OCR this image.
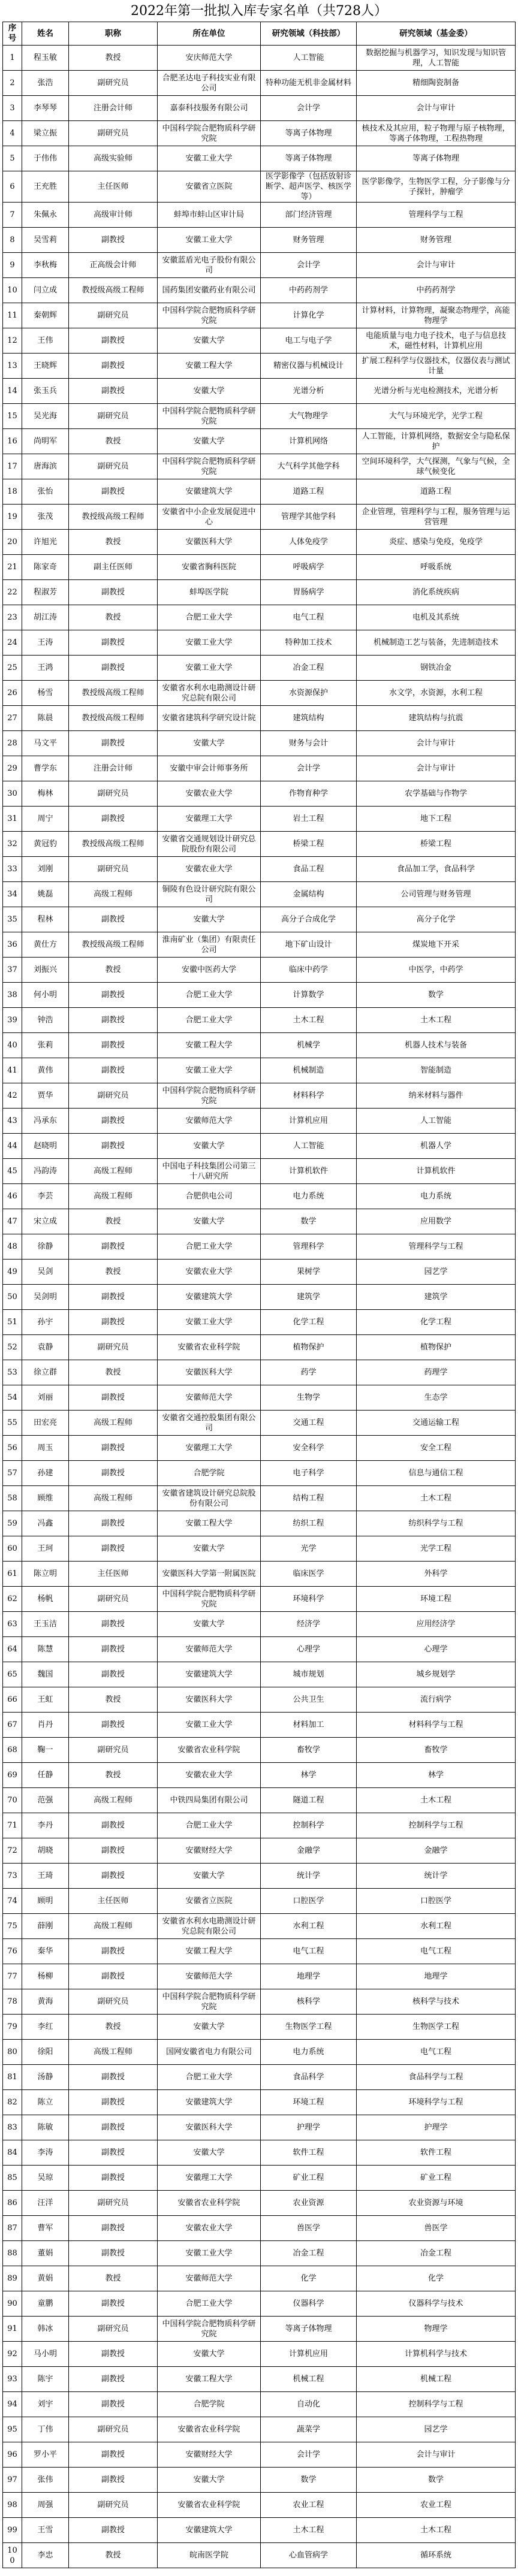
2022年第一批拟入库专家名单（共728人）
序号	姓名	职称	所在单位	研究领域（科技部）	研究领域（基金委）
1	程玉敏	教授	安庆师范大学	人工智能	数据挖掘与机器学习，知识发现与知识管理，人工智能
2	张浩	副研究员	合肥圣达电子科技实业有限公司	特种功能无机非金属材料	精细陶瓷制备
3	李琴琴	注册会计师	嘉泰科技服务有限公司	会计学	会计与审计
4	梁立振	副研究员	中国科学院合肥物质科学研究院	等离子体物理	核技术及其应用，粒子物理与原子核物理，等离子体物理，工程热物理
5	于伟伟	高级实验师	安徽工业大学	等离子体物理	等离子体物理
6	王充胜	主任医师	安徽省立医院	医学影像学（包括放射诊断学、超声医学、核医学等）	医学影像学，生物医学工程，分子影像与分子探针，肿瘤学
7	朱佩永	高级审计师	蚌埠市蚌山区审计局	部门经济管理	管理科学与工程
8	吴雪莉	副教授	安徽工业大学	财务管理	财务管理
9	李秋梅	正高级会计师	安徽蓝盾光电子股份有限公司	会计学	会计与审计
10	闫立成	教授级高级工程师	国药集团安徽药业有限公司	中药药剂学	中药药剂学
11	秦朝辉	副研究员	中国科学院合肥物质科学研究院	计算化学	计算材料，计算物理，凝聚态物理学，高能物理学
12	王伟	副教授	安徽大学	电工与电子学	电能质量与电力电子技术，电子与信息技术，磁性材料，计算机应用
13	王晓辉	副教授	安徽工程大学	精密仪器与机械设计	扩展工程科学与仪器技术，仪器仪表与测试计量
14	张玉兵	副教授	安徽大学	光谱分析	光谱分析与光电检测技术，光谱分析
15	吴光海	副研究员	中国科学院合肥物质科学研究院	大气物理学	大气与环境光学，光学工程
16	尚明军	教授	安徽大学	计算机网络	人工智能，计算机网络，数据安全与隐私保护
17	唐海滨	副研究员	中国科学院合肥物质科学研究院	大气科学其他学科	空间环境科学，大气探测，气象与气候，全球气候变化
18	张怡	副教授	安徽建筑大学	道路工程	道路工程
19	张茂	教授级高级工程师	安徽省中小企业发展促进中心	管理学其他学科	企业管理，管理科学与工程，服务管理与运营管理
20	许旭光	教授	安徽医科大学	人体免疫学	炎症、感染与免疫，免疫学
21	陈家奇	副主任医师	安徽省胸科医院	呼吸病学	呼吸系统
22	程淑芳	副教授	蚌埠医学院	胃肠病学	消化系统疾病
23	胡江涛	教授	合肥工业大学	电气工程	电机及其系统
24	王涛	副教授	安徽工业大学	特种加工技术	机械制造工艺与装备，先进制造技术
25	王鸿	副教授	安徽工业大学	冶金工程	钢铁冶金
26	杨雪	教授级高级工程师	安徽省水利水电勘测设计研究总院有限公司	水资源保护	水文学，水资源，水利工程
27	陈晨	教授级高级工程师	安徽省建筑科学研究设计院	建筑结构	建筑结构与抗震
28	马文平	副教授	安徽大学	财务与会计	会计与审计
29	曹学东	注册会计师	安徽中审会计师事务所	会计学	会计与审计
30	梅林	副研究员	安徽农业大学	作物育种学	农学基础与作物学
31	周宁	副教授	安徽理工大学	岩土工程	地下工程
32	黄冠豹	教授级高级工程师	安徽省交通规划设计研究总院股份有限公司	桥梁工程	桥梁工程
33	刘刚	副研究员	安徽农业大学	食品工程	食品加工学，食品科学
34	姚磊	高级工程师	铜陵有色设计研究院有限公司	金属结构	公司管理与财务管理
35	程林	副教授	安徽大学	高分子合成化学	高分子化学
36	黄仕方	教授级高级工程师	淮南矿业（集团）有限责任公司	地下矿山设计	煤炭地下开采
37	刘振兴	教授	安徽中医药大学	临床中药学	中医学，中药学
38	何小明	副教授	合肥工业大学	计算数学	数学
39	钟浩	副教授	合肥工业大学	土木工程	土木工程
40	张莉	副教授	安徽工程大学	机械学	机器人技术与装备
41	黄伟	副教授	安徽工业大学	机械制造	智能制造
42	贾华	副研究员	中国科学院合肥物质科学研究院	材料科学	纳米材料与器件
43	冯承东	副教授	安徽师范大学	计算机应用	人工智能
44	赵晓明	副教授	安徽大学	人工智能	机器人学
45	冯韵涛	高级工程师	中国电子科技集团公司第三十八研究所	计算机软件	计算机软件
46	李芸	高级工程师	合肥供电公司	电力系统	电力系统
47	宋立成	教授	安徽大学	数学	应用数学
48	徐静	副教授	合肥工业大学	管理科学	管理科学与工程
49	吴剑	教授	安徽农业大学	果树学	园艺学
50	吴剑明	副教授	安徽建筑大学	建筑学	建筑学
51	孙宇	副教授	安徽工业大学	化学工程	化学工程
52	袁静	副研究员	安徽省农业科学院	植物保护	植物保护
53	徐立群	教授	安徽医科大学	药学	药理学
54	刘丽	副教授	安徽师范大学	生物学	生态学
55	田宏亮	高级工程师	安徽省交通控股集团有限公司	交通工程	交通运输工程
56	周玉	副教授	安徽理工大学	安全科学	安全工程
57	孙建	副教授	合肥学院	电子科学	信息与通信工程
58	顾维	高级工程师	安徽省建筑设计研究总院股份有限公司	结构工程	土木工程
59	冯鑫	副教授	安徽工程大学	纺织工程	纺织科学与工程
60	王珂	副教授	安徽大学	光学	光学工程
61	陈立明	主任医师	安徽医科大学第一附属医院	临床医学	外科学
62	杨帆	副研究员	中国科学院合肥物质科学研究院	环境科学	环境工程
63	王玉洁	副教授	安徽大学	经济学	应用经济学
64	陈慧	副教授	安徽师范大学	心理学	心理学
65	魏国	副教授	安徽建筑大学	城市规划	城乡规划学
66	王虹	教授	安徽医科大学	公共卫生	流行病学
67	肖丹	副教授	安徽工业大学	材料加工	材料科学与工程
68	鞠一	副研究员	安徽省农业科学院	畜牧学	畜牧学
69	任静	教授	安徽农业大学	林学	林学
70	范强	高级工程师	中铁四局集团有限公司	隧道工程	土木工程
71	李丹	副教授	合肥工业大学	控制科学	控制科学与工程
72	胡晓	副教授	安徽财经大学	金融学	金融学
73	王琦	副教授	安徽大学	统计学	统计学
74	顾明	主任医师	安徽省立医院	口腔医学	口腔医学
75	薛刚	高级工程师	安徽省水利水电勘测设计研究总院有限公司	水利工程	水利工程
76	秦华	副教授	安徽工程大学	电气工程	电气工程
77	杨柳	副教授	安徽师范大学	地理学	地理学
78	黄海	副研究员	中国科学院合肥物质科学研究院	核科学	核科学与技术
79	李红	教授	安徽大学	生物医学工程	生物医学工程
80	徐阳	高级工程师	国网安徽省电力有限公司	电力系统	电气工程
81	汤静	副教授	合肥工业大学	食品科学	食品科学与工程
82	陈立	副教授	安徽建筑大学	环境工程	环境科学与工程
83	陈敏	副教授	安徽医科大学	护理学	护理学
84	李涛	副教授	安徽大学	软件工程	软件工程
85	吴琼	副教授	安徽理工大学	矿业工程	矿业工程
86	汪洋	副研究员	安徽省农业科学院	农业资源	农业资源与环境
87	曹军	副教授	安徽农业大学	兽医学	兽医学
88	董娟	副教授	安徽工业大学	冶金工程	冶金工程
89	黄娟	教授	安徽师范大学	化学	化学
90	童鹏	副教授	合肥工业大学	仪器科学	仪器科学与技术
91	韩冰	副研究员	中国科学院合肥物质科学研究院	等离子体物理	物理学
92	马小明	副教授	安徽大学	计算机应用	计算机科学与技术
93	陈宇	副教授	安徽工程大学	机械工程	机械工程
94	刘宇	副教授	合肥学院	自动化	控制科学与工程
95	丁伟	副研究员	安徽省农业科学院	蔬菜学	园艺学
96	罗小平	副教授	安徽财经大学	会计学	会计与审计
97	张伟	副教授	安徽大学	数学	数学
98	周强	副研究员	安徽省农业科学院	农业工程	农业工程
99	王雪	副教授	安徽建筑大学	土木工程	土木工程
100	李忠	教授	皖南医学院	心血管病学	循环系统
